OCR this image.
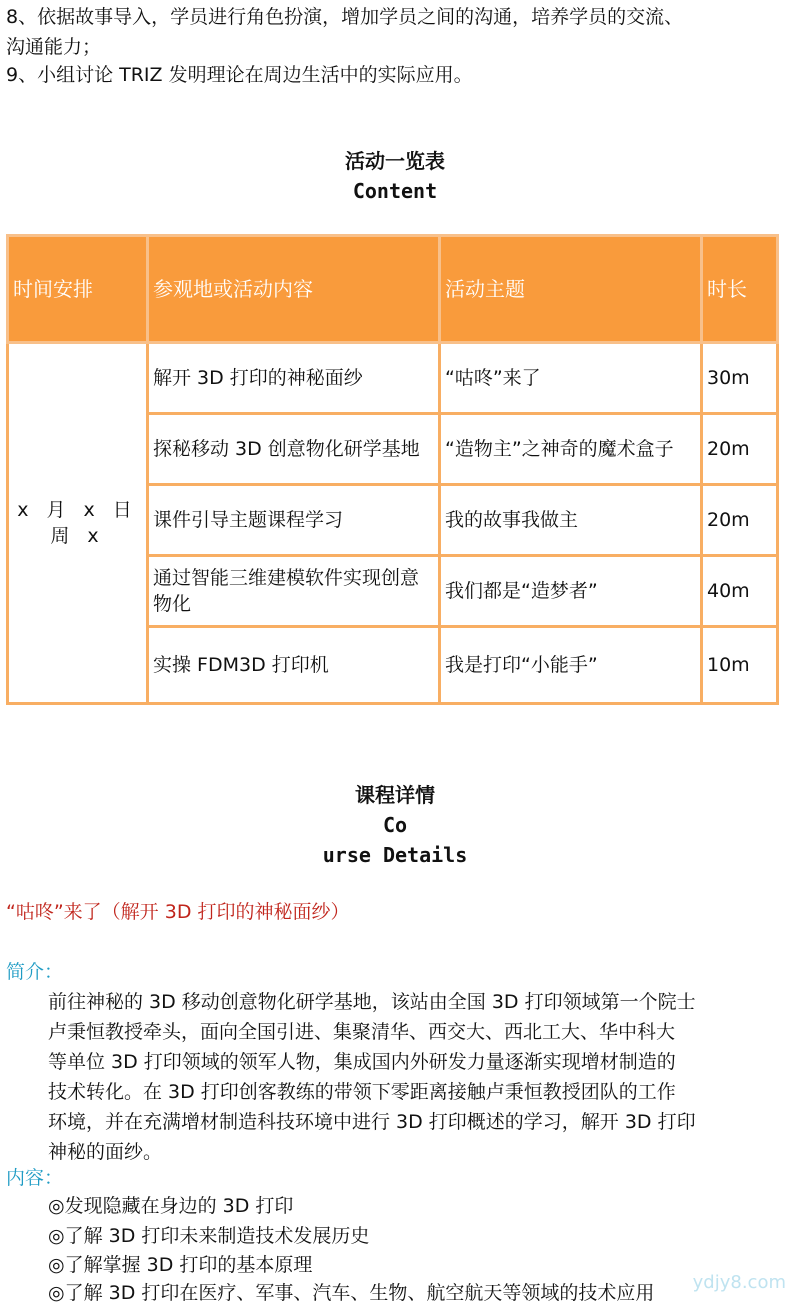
8、依据故事导入，学员进行角色扮演，增加学员之间的沟通，培养学员的交流、
沟通能力；
9、小组讨论 TRIZ 发明理论在周边生活中的实际应用。
活动一览表
Content
时间安排	参观地或活动内容	活动主题	时长
x 月 x 日 周 x	解开 3D 打印的神秘面纱	“咕咚”来了	30m
	探秘移动 3D 创意物化研学基地	“造物主”之神奇的魔术盒子	20m
	课件引导主题课程学习	我的故事我做主	20m
	通过智能三维建模软件实现创意物化	我们都是“造梦者”	40m
	实操 FDM3D 打印机	我是打印“小能手”	10m
课程详情
Co
urse Details
“咕咚”来了（解开 3D 打印的神秘面纱）
简介：
前往神秘的 3D 移动创意物化研学基地，该站由全国 3D 打印领域第一个院士
卢秉恒教授牵头，面向全国引进、集聚清华、西交大、西北工大、华中科大
等单位 3D 打印领域的领军人物，集成国内外研发力量逐渐实现增材制造的
技术转化。在 3D 打印创客教练的带领下零距离接触卢秉恒教授团队的工作
环境，并在充满增材制造科技环境中进行 3D 打印概述的学习，解开 3D 打印
神秘的面纱。
内容：
◎发现隐藏在身边的 3D 打印
◎了解 3D 打印未来制造技术发展历史
◎了解掌握 3D 打印的基本原理
◎了解 3D 打印在医疗、军事、汽车、生物、航空航天等领域的技术应用 ydjy8.com
